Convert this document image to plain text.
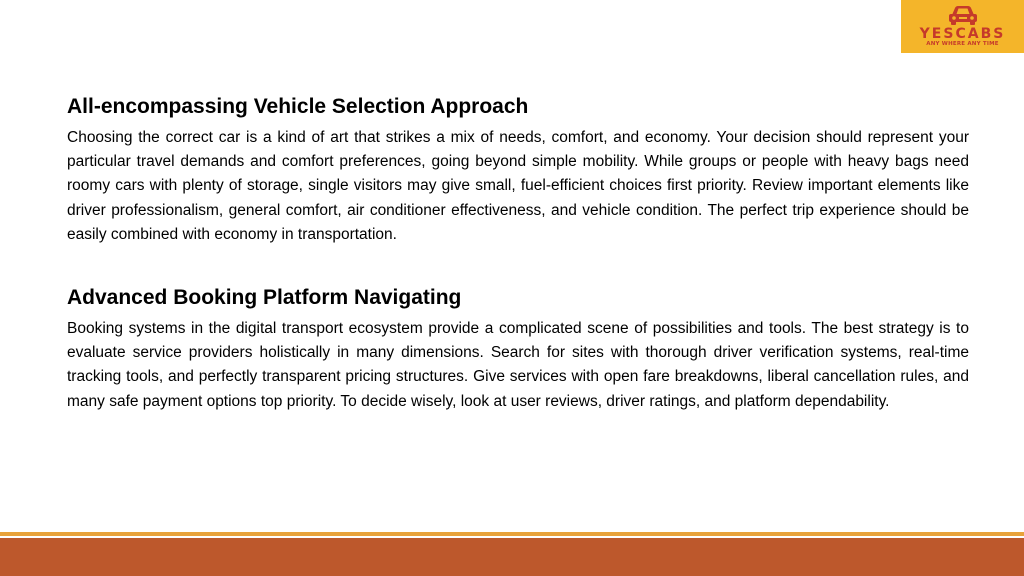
YESCABS
ANY WHERE ANY TIME
All-encompassing Vehicle Selection Approach

Choosing the correct car is a kind of art that strikes a mix of needs, comfort, and economy. Your decision should represent your particular travel demands and comfort preferences, going beyond simple mobility. While groups or people with heavy bags need roomy cars with plenty of storage, single visitors may give small, fuel-efficient choices first priority. Review important elements like driver professionalism, general comfort, air conditioner effectiveness, and vehicle condition. The perfect trip experience should be easily combined with economy in transportation.

Advanced Booking Platform Navigating

Booking systems in the digital transport ecosystem provide a complicated scene of possibilities and tools. The best strategy is to evaluate service providers holistically in many dimensions. Search for sites with thorough driver verification systems, real-time tracking tools, and perfectly transparent pricing structures. Give services with open fare breakdowns, liberal cancellation rules, and many safe payment options top priority. To decide wisely, look at user reviews, driver ratings, and platform dependability.
